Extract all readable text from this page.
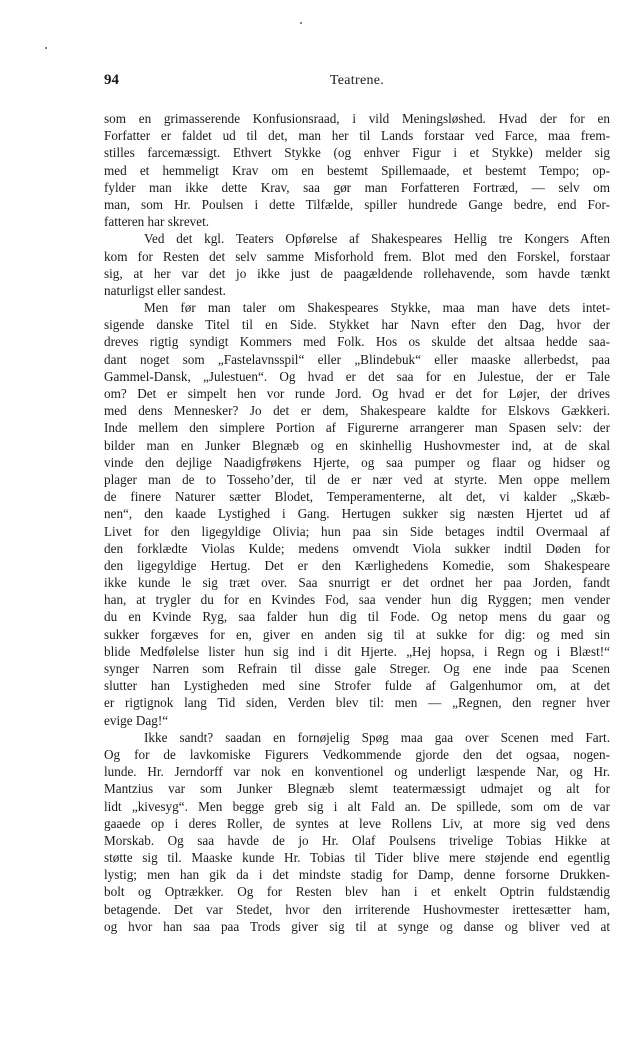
94	Teatrene.
som en grimasserende Konfusionsraad, i vild Meningsløshed. Hvad der for en
Forfatter er faldet ud til det, man her til Lands forstaar ved Farce, maa frem-
stilles farcemæssigt. Ethvert Stykke (og enhver Figur i et Stykke) melder sig
med et hemmeligt Krav om en bestemt Spillemaade, et bestemt Tempo; op-
fylder man ikke dette Krav, saa gør man Forfatteren Fortræd, — selv om
man, som Hr. Poulsen i dette Tilfælde, spiller hundrede Gange bedre, end For-
fatteren har skrevet.
Ved det kgl. Teaters Opførelse af Shakespeares Hellig tre Kongers Aften
kom for Resten det selv samme Misforhold frem. Blot med den Forskel, forstaar
sig, at her var det jo ikke just de paagældende rollehavende, som havde tænkt
naturligst eller sandest.
Men før man taler om Shakespeares Stykke, maa man have dets intet-
sigende danske Titel til en Side. Stykket har Navn efter den Dag, hvor der
dreves rigtig syndigt Kommers med Folk. Hos os skulde det altsaa hedde saa-
dant noget som „Fastelavnsspil“ eller „Blindebuk“ eller maaske allerbedst, paa
Gammel-Dansk, „Julestuen“. Og hvad er det saa for en Julestue, der er Tale
om? Det er simpelt hen vor runde Jord. Og hvad er det for Løjer, der drives
med dens Mennesker? Jo det er dem, Shakespeare kaldte for Elskovs Gækkeri.
Inde mellem den simplere Portion af Figurerne arrangerer man Spasen selv: der
bilder man en Junker Blegnæb og en skinhellig Hushovmester ind, at de skal
vinde den dejlige Naadigfrøkens Hjerte, og saa pumper og flaar og hidser og
plager man de to Tosseho’der, til de er nær ved at styrte. Men oppe mellem
de finere Naturer sætter Blodet, Temperamenterne, alt det, vi kalder „Skæb-
nen“, den kaade Lystighed i Gang. Hertugen sukker sig næsten Hjertet ud af
Livet for den ligegyldige Olivia; hun paa sin Side betages indtil Overmaal af
den forklædte Violas Kulde; medens omvendt Viola sukker indtil Døden for
den ligegyldige Hertug. Det er den Kærlighedens Komedie, som Shakespeare
ikke kunde le sig træt over. Saa snurrigt er det ordnet her paa Jorden, fandt
han, at trygler du for en Kvindes Fod, saa vender hun dig Ryggen; men vender
du en Kvinde Ryg, saa falder hun dig til Fode. Og netop mens du gaar og
sukker forgæves for en, giver en anden sig til at sukke for dig: og med sin
blide Medfølelse lister hun sig ind i dit Hjerte. „Hej hopsa, i Regn og i Blæst!“
synger Narren som Refrain til disse gale Streger. Og ene inde paa Scenen
slutter han Lystigheden med sine Strofer fulde af Galgenhumor om, at det
er rigtignok lang Tid siden, Verden blev til: men — „Regnen, den regner hver
evige Dag!“
Ikke sandt? saadan en fornøjelig Spøg maa gaa over Scenen med Fart.
Og for de lavkomiske Figurers Vedkommende gjorde den det ogsaa, nogen-
lunde. Hr. Jerndorff var nok en konventionel og underligt læspende Nar, og Hr.
Mantzius var som Junker Blegnæb slemt teatermæssigt udmajet og alt for
lidt „kivesyg“. Men begge greb sig i alt Fald an. De spillede, som om de var
gaaede op i deres Roller, de syntes at leve Rollens Liv, at more sig ved dens
Morskab. Og saa havde de jo Hr. Olaf Poulsens trivelige Tobias Hikke at
støtte sig til. Maaske kunde Hr. Tobias til Tider blive mere støjende end egentlig
lystig; men han gik da i det mindste stadig for Damp, denne forsorne Drukken-
bolt og Optrækker. Og for Resten blev han i et enkelt Optrin fuldstændig
betagende. Det var Stedet, hvor den irriterende Hushovmester irettesætter ham,
og hvor han saa paa Trods giver sig til at synge og danse og bliver ved at
